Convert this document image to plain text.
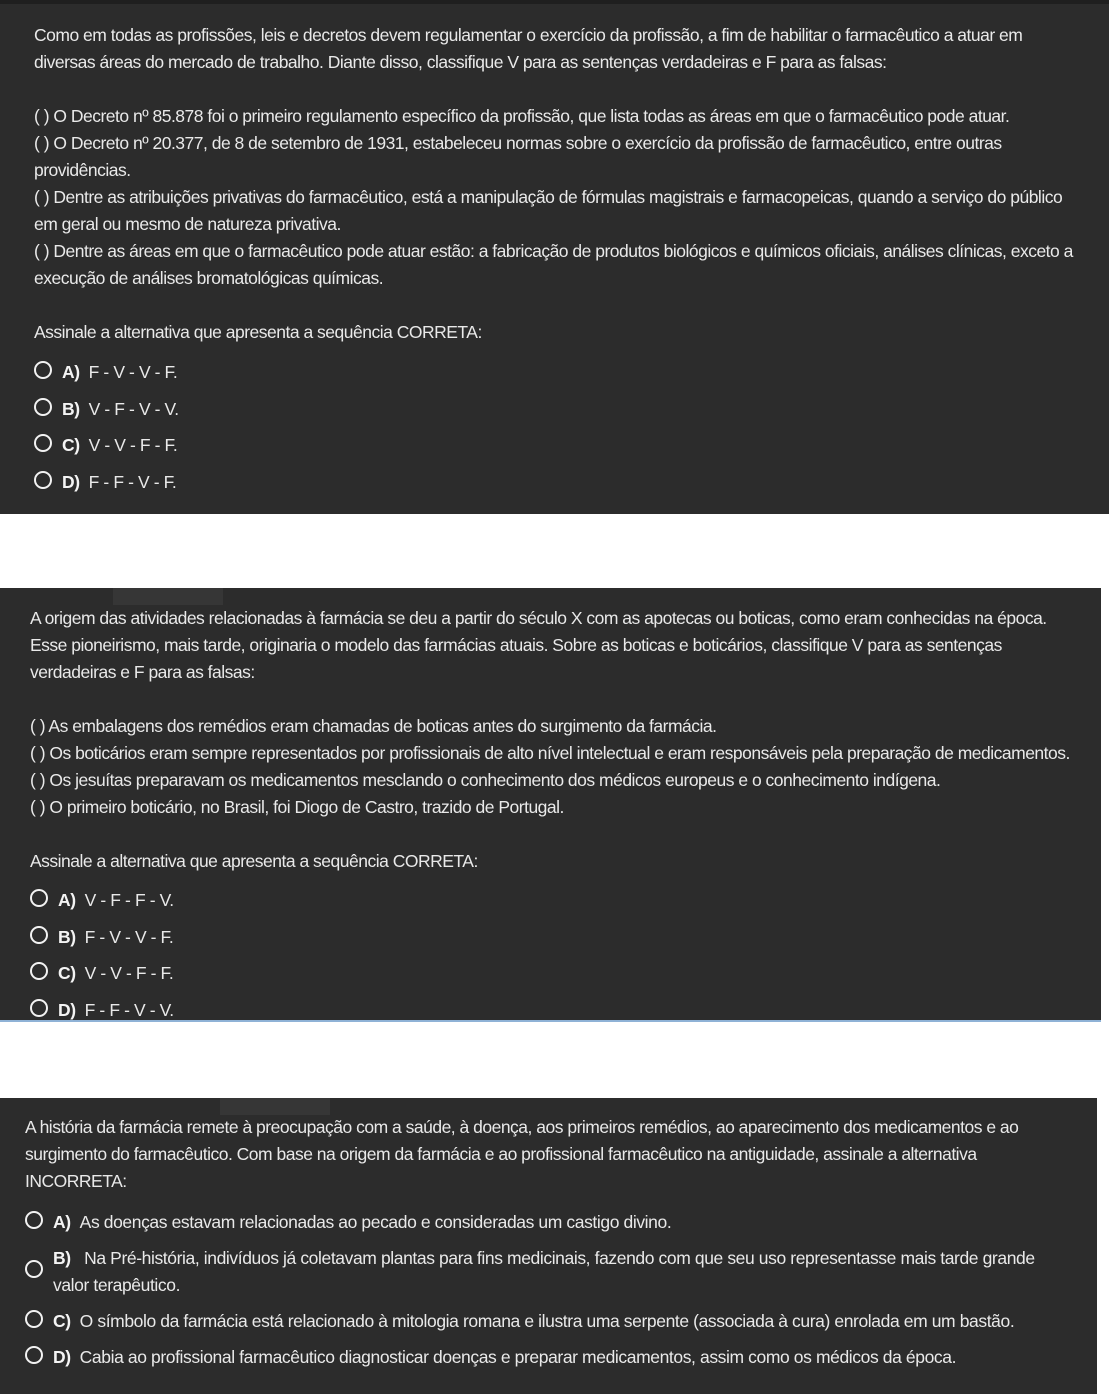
Como em todas as profissões, leis e decretos devem regulamentar o exercício da profissão, a fim de habilitar o farmacêutico a atuar em diversas áreas do mercado de trabalho. Diante disso, classifique V para as sentenças verdadeiras e F para as falsas:

( ) O Decreto nº 85.878 foi o primeiro regulamento específico da profissão, que lista todas as áreas em que o farmacêutico pode atuar.

( ) O Decreto nº 20.377, de 8 de setembro de 1931, estabeleceu normas sobre o exercício da profissão de farmacêutico, entre outras providências.

( ) Dentre as atribuições privativas do farmacêutico, está a manipulação de fórmulas magistrais e farmacopeicas, quando a serviço do público em geral ou mesmo de natureza privativa.

( ) Dentre as áreas em que o farmacêutico pode atuar estão: a fabricação de produtos biológicos e químicos oficiais, análises clínicas, exceto a execução de análises bromatológicas químicas.

Assinale a alternativa que apresenta a sequência CORRETA:

A) F - V - V - F.
B) V - F - V - V.
C) V - V - F - F.
D) F - F - V - F.

A origem das atividades relacionadas à farmácia se deu a partir do século X com as apotecas ou boticas, como eram conhecidas na época. Esse pioneirismo, mais tarde, originaria o modelo das farmácias atuais. Sobre as boticas e boticários, classifique V para as sentenças verdadeiras e F para as falsas:

( ) As embalagens dos remédios eram chamadas de boticas antes do surgimento da farmácia.

( ) Os boticários eram sempre representados por profissionais de alto nível intelectual e eram responsáveis pela preparação de medicamentos.

( ) Os jesuítas preparavam os medicamentos mesclando o conhecimento dos médicos europeus e o conhecimento indígena.

( ) O primeiro boticário, no Brasil, foi Diogo de Castro, trazido de Portugal.

Assinale a alternativa que apresenta a sequência CORRETA:

A) V - F - F - V.
B) F - V - V - F.
C) V - V - F - F.
D) F - F - V - V.

A história da farmácia remete à preocupação com a saúde, à doença, aos primeiros remédios, ao aparecimento dos medicamentos e ao surgimento do farmacêutico. Com base na origem da farmácia e ao profissional farmacêutico na antiguidade, assinale a alternativa INCORRETA:

A) As doenças estavam relacionadas ao pecado e consideradas um castigo divino.
B) Na Pré-história, indivíduos já coletavam plantas para fins medicinais, fazendo com que seu uso representasse mais tarde grande valor terapêutico.
C) O símbolo da farmácia está relacionado à mitologia romana e ilustra uma serpente (associada à cura) enrolada em um bastão.
D) Cabia ao profissional farmacêutico diagnosticar doenças e preparar medicamentos, assim como os médicos da época.
